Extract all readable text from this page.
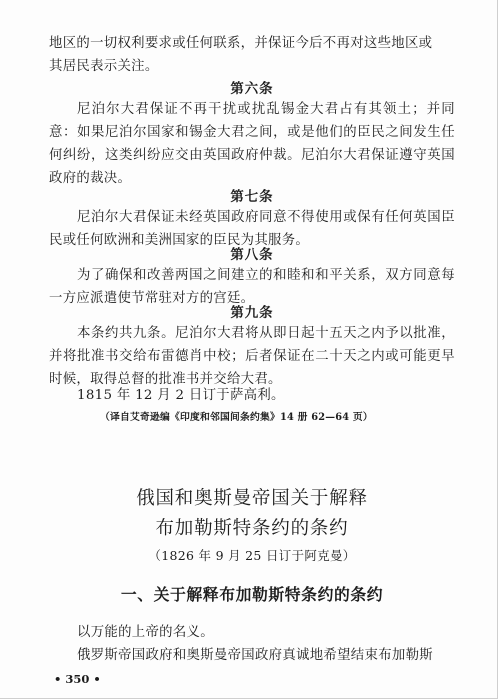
地区的一切权利要求或任何联系，并保证今后不再对这些地区或
其居民表示关注。
第六条
尼泊尔大君保证不再干扰或扰乱锡金大君占有其领土；并同意：如果尼泊尔国家和锡金大君之间，或是他们的臣民之间发生任何纠纷，这类纠纷应交由英国政府仲裁。尼泊尔大君保证遵守英国政府的裁决。
第七条
尼泊尔大君保证未经英国政府同意不得使用或保有任何英国臣民或任何欧洲和美洲国家的臣民为其服务。
第八条
为了确保和改善两国之间建立的和睦和和平关系，双方同意每一方应派遣使节常驻对方的宫廷。
第九条
本条约共九条。尼泊尔大君将从即日起十五天之内予以批准，并将批准书交给布雷德肖中校；后者保证在二十天之内或可能更早时候，取得总督的批准书并交给大君。
1815 年 12 月 2 日订于萨高利。
（译自艾奇逊编《印度和邻国间条约集》14 册 62—64 页）
俄国和奥斯曼帝国关于解释
布加勒斯特条约的条约
（1826 年 9 月 25 日订于阿克曼）
一、关于解释布加勒斯特条约的条约
以万能的上帝的名义。
俄罗斯帝国政府和奥斯曼帝国政府真诚地希望结束布加勒斯
• 350 •
